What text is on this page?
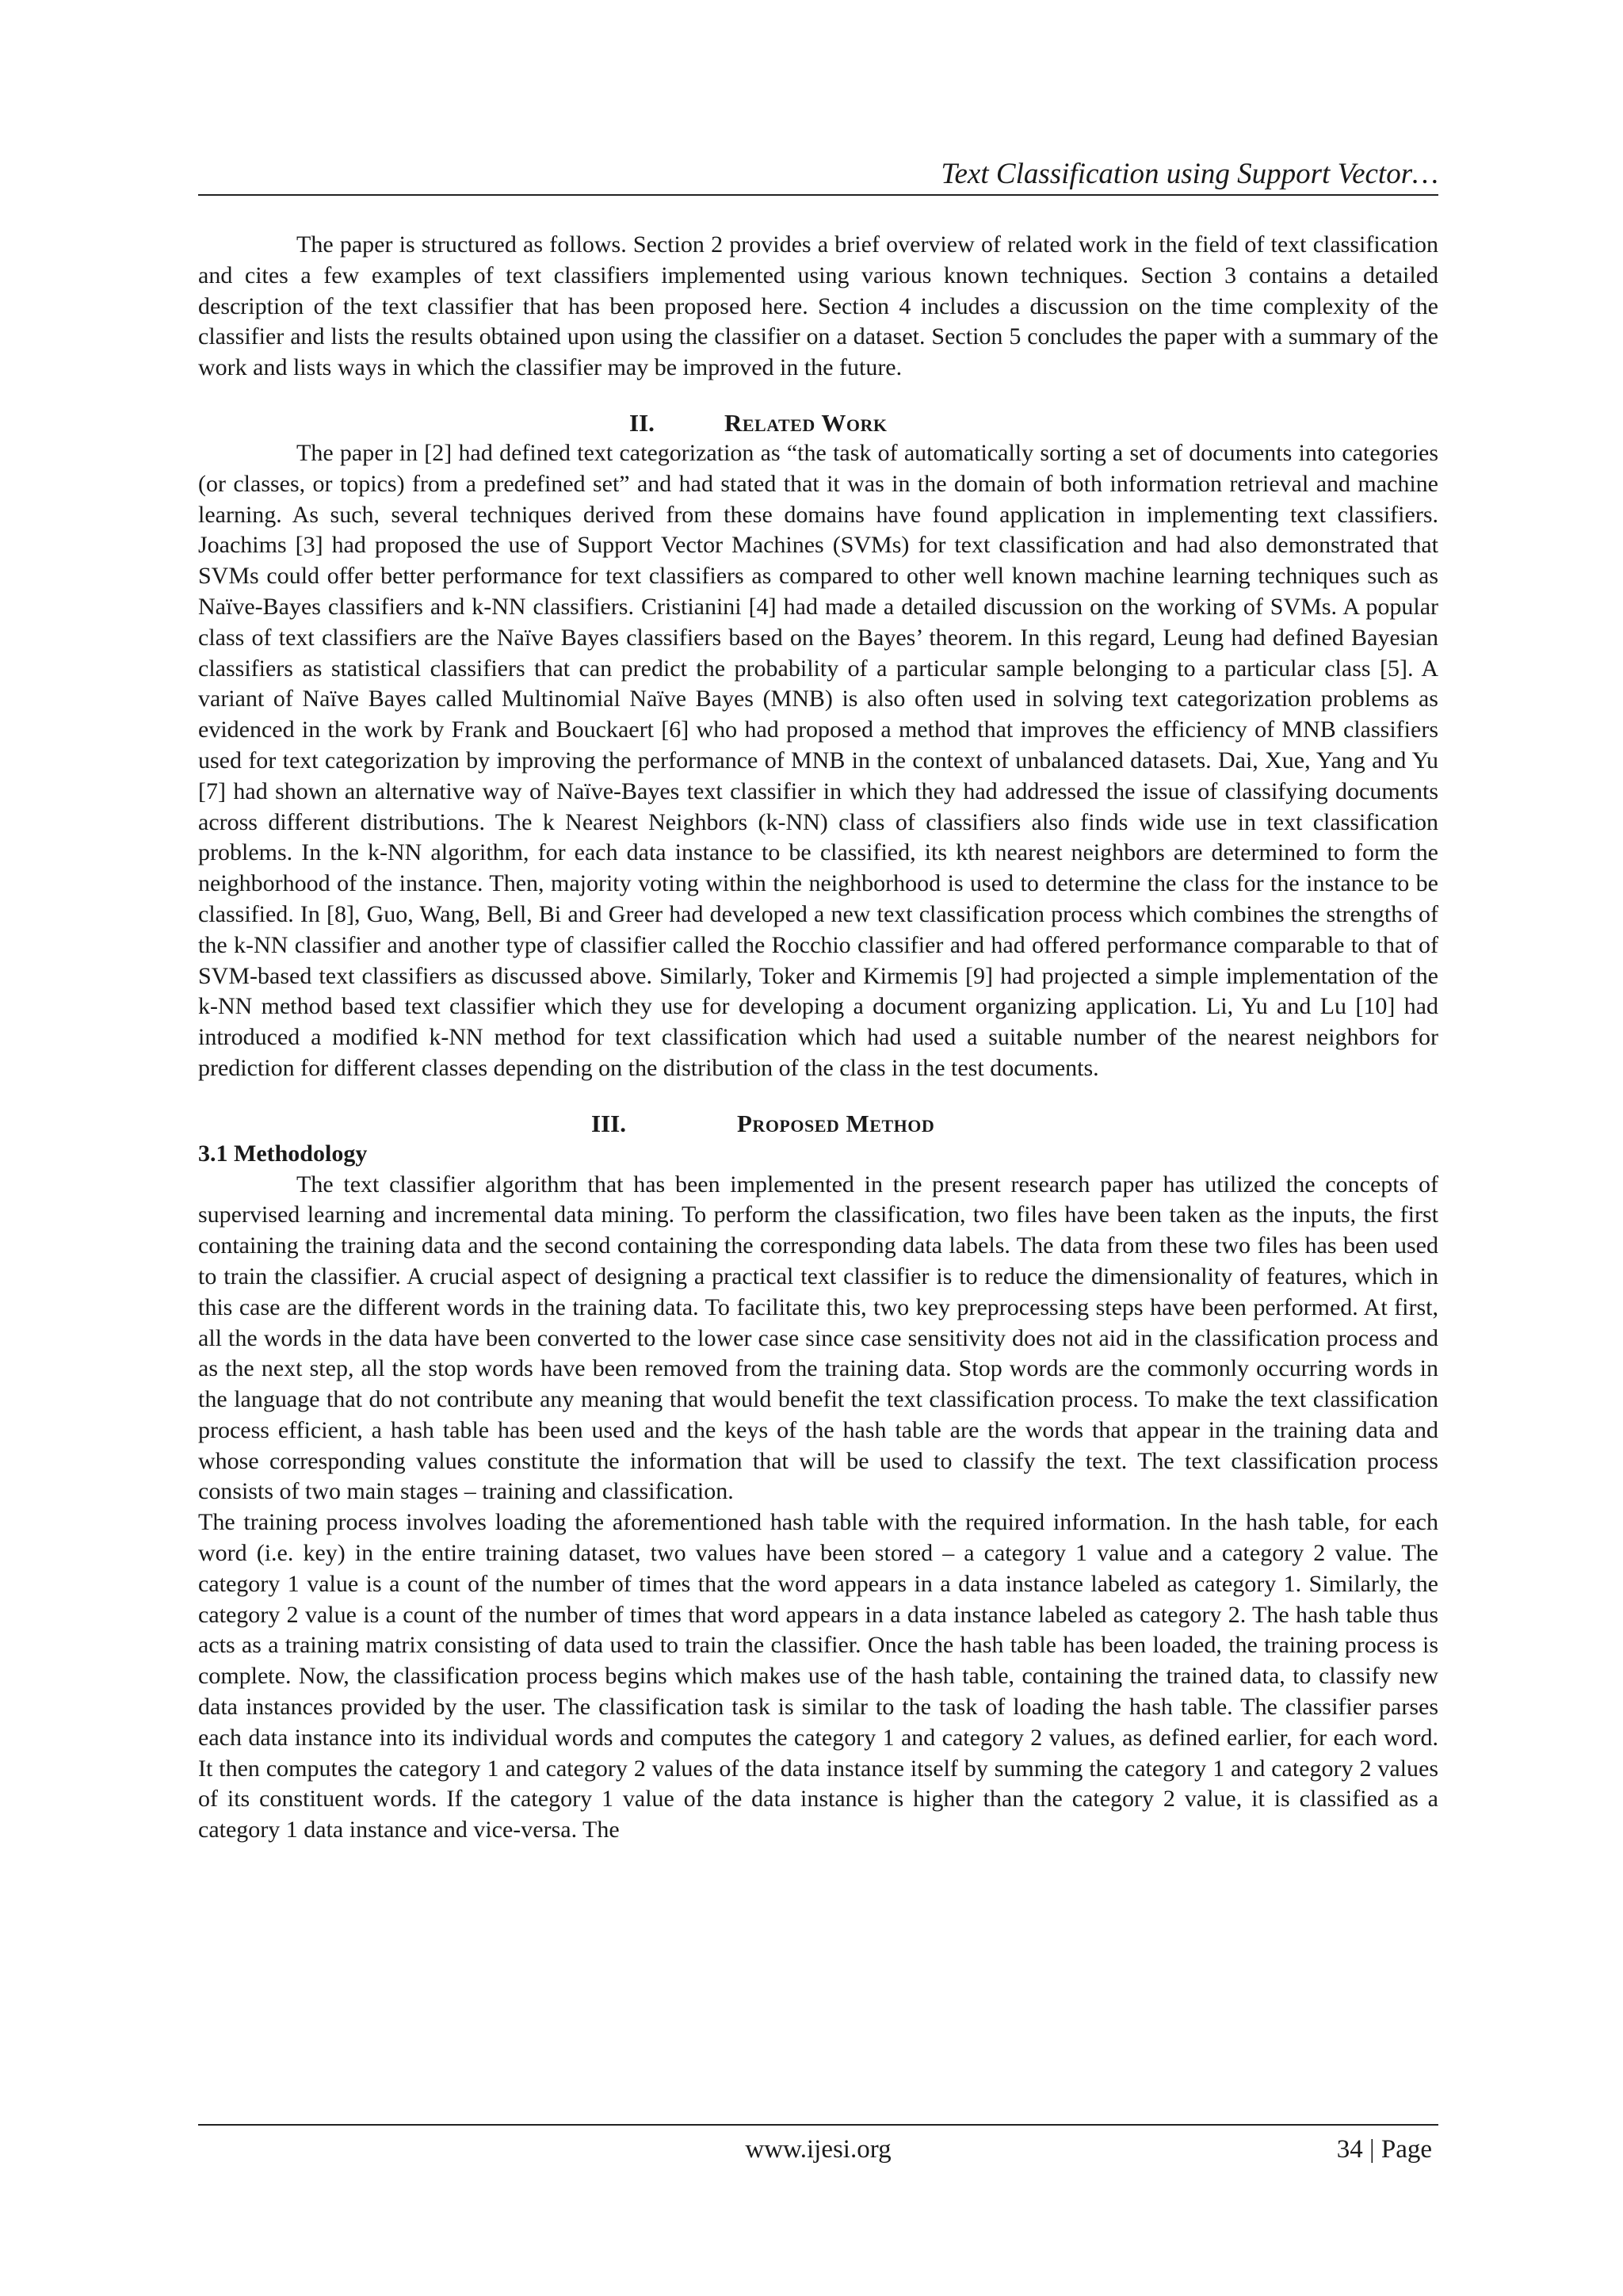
Text Classification using Support Vector…

The paper is structured as follows. Section 2 provides a brief overview of related work in the field of text classification and cites a few examples of text classifiers implemented using various known techniques. Section 3 contains a detailed description of the text classifier that has been proposed here. Section 4 includes a discussion on the time complexity of the classifier and lists the results obtained upon using the classifier on a dataset. Section 5 concludes the paper with a summary of the work and lists ways in which the classifier may be improved in the future.

II.	Related Work

The paper in [2] had defined text categorization as “the task of automatically sorting a set of documents into categories (or classes, or topics) from a predefined set” and had stated that it was in the domain of both information retrieval and machine learning. As such, several techniques derived from these domains have found application in implementing text classifiers. Joachims [3] had proposed the use of Support Vector Machines (SVMs) for text classification and had also demonstrated that SVMs could offer better performance for text classifiers as compared to other well known machine learning techniques such as Naïve-Bayes classifiers and k-NN classifiers. Cristianini [4] had made a detailed discussion on the working of SVMs. A popular class of text classifiers are the Naïve Bayes classifiers based on the Bayes’ theorem. In this regard, Leung had defined Bayesian classifiers as statistical classifiers that can predict the probability of a particular sample belonging to a particular class [5]. A variant of Naïve Bayes called Multinomial Naïve Bayes (MNB) is also often used in solving text categorization problems as evidenced in the work by Frank and Bouckaert [6] who had proposed a method that improves the efficiency of MNB classifiers used for text categorization by improving the performance of MNB in the context of unbalanced datasets. Dai, Xue, Yang and Yu [7] had shown an alternative way of Naïve-Bayes text classifier in which they had addressed the issue of classifying documents across different distributions. The k Nearest Neighbors (k-NN) class of classifiers also finds wide use in text classification problems. In the k-NN algorithm, for each data instance to be classified, its kth nearest neighbors are determined to form the neighborhood of the instance. Then, majority voting within the neighborhood is used to determine the class for the instance to be classified. In [8], Guo, Wang, Bell, Bi and Greer had developed a new text classification process which combines the strengths of the k-NN classifier and another type of classifier called the Rocchio classifier and had offered performance comparable to that of SVM-based text classifiers as discussed above. Similarly, Toker and Kirmemis [9] had projected a simple implementation of the k-NN method based text classifier which they use for developing a document organizing application. Li, Yu and Lu [10] had introduced a modified k-NN method for text classification which had used a suitable number of the nearest neighbors for prediction for different classes depending on the distribution of the class in the test documents.

III.	Proposed Method

3.1 Methodology

The text classifier algorithm that has been implemented in the present research paper has utilized the concepts of supervised learning and incremental data mining. To perform the classification, two files have been taken as the inputs, the first containing the training data and the second containing the corresponding data labels. The data from these two files has been used to train the classifier. A crucial aspect of designing a practical text classifier is to reduce the dimensionality of features, which in this case are the different words in the training data. To facilitate this, two key preprocessing steps have been performed. At first, all the words in the data have been converted to the lower case since case sensitivity does not aid in the classification process and as the next step, all the stop words have been removed from the training data. Stop words are the commonly occurring words in the language that do not contribute any meaning that would benefit the text classification process. To make the text classification process efficient, a hash table has been used and the keys of the hash table are the words that appear in the training data and whose corresponding values constitute the information that will be used to classify the text. The text classification process consists of two main stages – training and classification.

The training process involves loading the aforementioned hash table with the required information. In the hash table, for each word (i.e. key) in the entire training dataset, two values have been stored – a category 1 value and a category 2 value. The category 1 value is a count of the number of times that the word appears in a data instance labeled as category 1. Similarly, the category 2 value is a count of the number of times that word appears in a data instance labeled as category 2. The hash table thus acts as a training matrix consisting of data used to train the classifier. Once the hash table has been loaded, the training process is complete. Now, the classification process begins which makes use of the hash table, containing the trained data, to classify new data instances provided by the user. The classification task is similar to the task of loading the hash table. The classifier parses each data instance into its individual words and computes the category 1 and category 2 values, as defined earlier, for each word. It then computes the category 1 and category 2 values of the data instance itself by summing the category 1 and category 2 values of its constituent words. If the category 1 value of the data instance is higher than the category 2 value, it is classified as a category 1 data instance and vice-versa. The

www.ijesi.org	34 | Page
